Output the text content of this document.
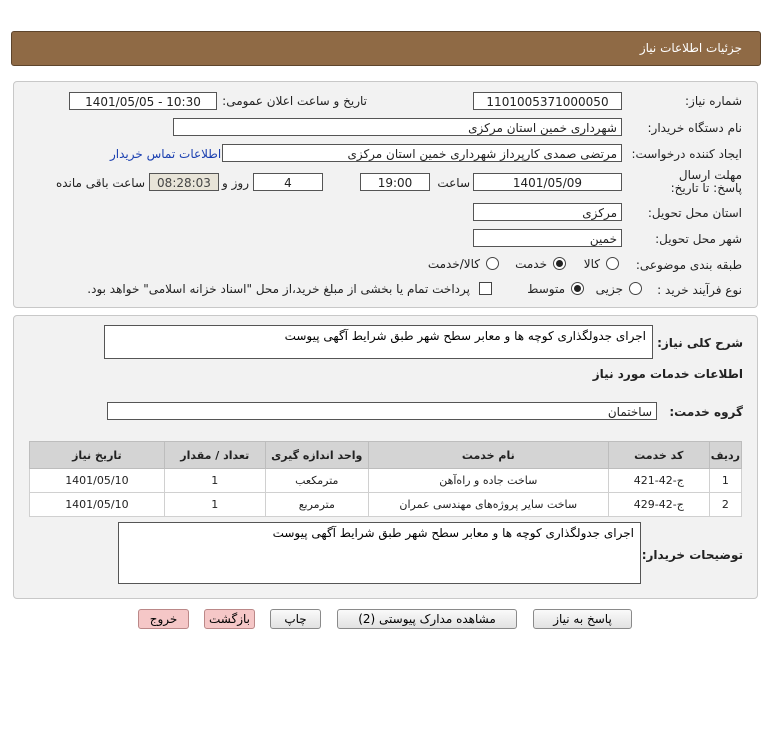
جزئیات اطلاعات نیاز
شماره نیاز:
1101005371000050
تاریخ و ساعت اعلان عمومی:
1401/05/05 - 10:30
نام دستگاه خریدار:
شهرداری خمین استان مرکزی
ایجاد کننده درخواست:
مرتضی صمدی کارپرداز شهرداری خمین استان مرکزی
اطلاعات تماس خریدار
مهلت ارسال پاسخ: تا تاریخ:
1401/05/09
ساعت
19:00
4
روز و
08:28:03
ساعت باقی مانده
استان محل تحویل:
مرکزی
شهر محل تحویل:
خمین
طبقه بندی موضوعی:
کالا
خدمت
کالا/خدمت
نوع فرآیند خرید :
جزیی
متوسط
پرداخت تمام یا بخشی از مبلغ خرید،از محل "اسناد خزانه اسلامی" خواهد بود.
شرح کلی نیاز:
اجرای جدولگذاری کوچه ها و معابر سطح شهر طبق شرایط آگهی پیوست
اطلاعات خدمات مورد نیاز
گروه خدمت:
ساختمان
ردیف	کد خدمت	نام خدمت	واحد اندازه گیری	تعداد / مقدار	تاریخ نیاز
1	ج-42-421	ساخت جاده و راه‌آهن	مترمکعب	1	1401/05/10
2	ج-42-429	ساخت سایر پروژه‌های مهندسی عمران	مترمربع	1	1401/05/10
توضیحات خریدار:
اجرای جدولگذاری کوچه ها و معابر سطح شهر طبق شرایط آگهی پیوست
پاسخ به نیاز
مشاهده مدارک پیوستی (2)
چاپ
بازگشت
خروج
